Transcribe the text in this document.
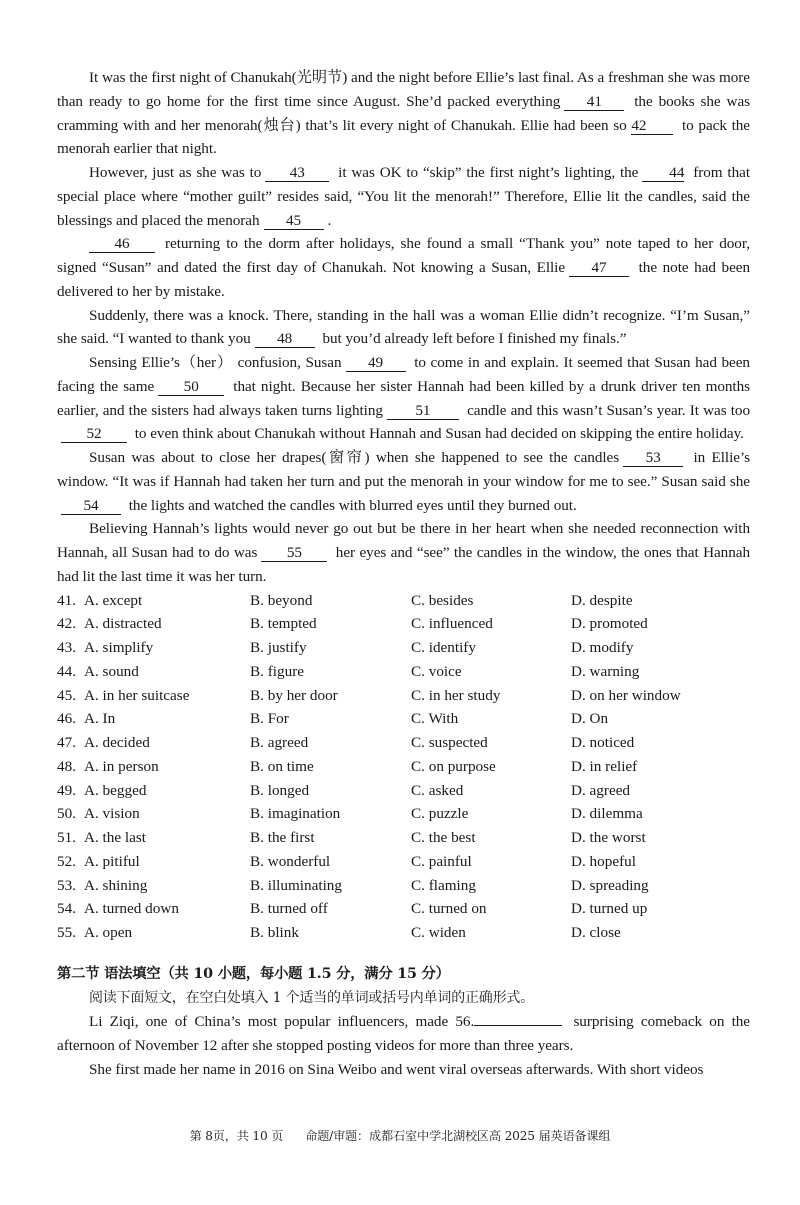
It was the first night of Chanukah(光明节) and the night before Ellie’s last final. As a freshman she was more than ready to go home for the first time since August. She’d packed everything 41 the books she was cramming with and her menorah(烛台) that’s lit every night of Chanukah. Ellie had been so 42 to pack the menorah earlier that night.

However, just as she was to 43 it was OK to “skip” the first night’s lighting, the 44 from that special place where “mother guilt” resides said, “You lit the menorah!” Therefore, Ellie lit the candles, said the blessings and placed the menorah 45 .

46 returning to the dorm after holidays, she found a small “Thank you” note taped to her door, signed “Susan” and dated the first day of Chanukah. Not knowing a Susan, Ellie 47 the note had been delivered to her by mistake.

Suddenly, there was a knock. There, standing in the hall was a woman Ellie didn’t recognize. “I’m Susan,” she said. “I wanted to thank you 48 but you’d already left before I finished my finals.”

Sensing Ellie’s（her） confusion, Susan 49 to come in and explain. It seemed that Susan had been facing the same 50 that night. Because her sister Hannah had been killed by a drunk driver ten months earlier, and the sisters had always taken turns lighting 51 candle and this wasn’t Susan’s year. It was too52 to even think about Chanukah without Hannah and Susan had decided on skipping the entire holiday.

Susan was about to close her drapes(窗帘) when she happened to see the candles 53 in Ellie’s window. “It was if Hannah had taken her turn and put the menorah in your window for me to see.” Susan said she54 the lights and watched the candles with blurred eyes until they burned out.

Believing Hannah’s lights would never go out but be there in her heart when she needed reconnection with Hannah, all Susan had to do was 55 her eyes and “see” the candles in the window, the ones that Hannah had lit the last time it was her turn.

41. A. except	B. beyond	C. besides	D. despite
42. A. distracted	B. tempted	C. influenced	D. promoted
43. A. simplify	B. justify	C. identify	D. modify
44. A. sound	B. figure	C. voice	D. warning
45. A. in her suitcase	B. by her door	C. in her study	D. on her window
46. A. In	B. For	C. With	D. On
47. A. decided	B. agreed	C. suspected	D. noticed
48. A. in person	B. on time	C. on purpose	D. in relief
49. A. begged	B. longed	C. asked	D. agreed
50. A. vision	B. imagination	C. puzzle	D. dilemma
51. A. the last	B. the first	C. the best	D. the worst
52. A. pitiful	B. wonderful	C. painful	D. hopeful
53. A. shining	B. illuminating	C. flaming	D. spreading
54. A. turned down	B. turned off	C. turned on	D. turned up
55. A. open	B. blink	C. widen	D. close
第二节 语法填空（共 10 小题，每小题 1.5 分，满分 15 分）

阅读下面短文，在空白处填入 1 个适当的单词或括号内单词的正确形式。

Li Ziqi, one of China’s most popular influencers, made 56.	surprising comeback on the afternoon of November 12 after she stopped posting videos for more than three years.

She first made her name in 2016 on Sina Weibo and went viral overseas afterwards. With short videos

第 8页，共 10 页 命题/审题：成都石室中学北湖校区高 2025 届英语备课组
